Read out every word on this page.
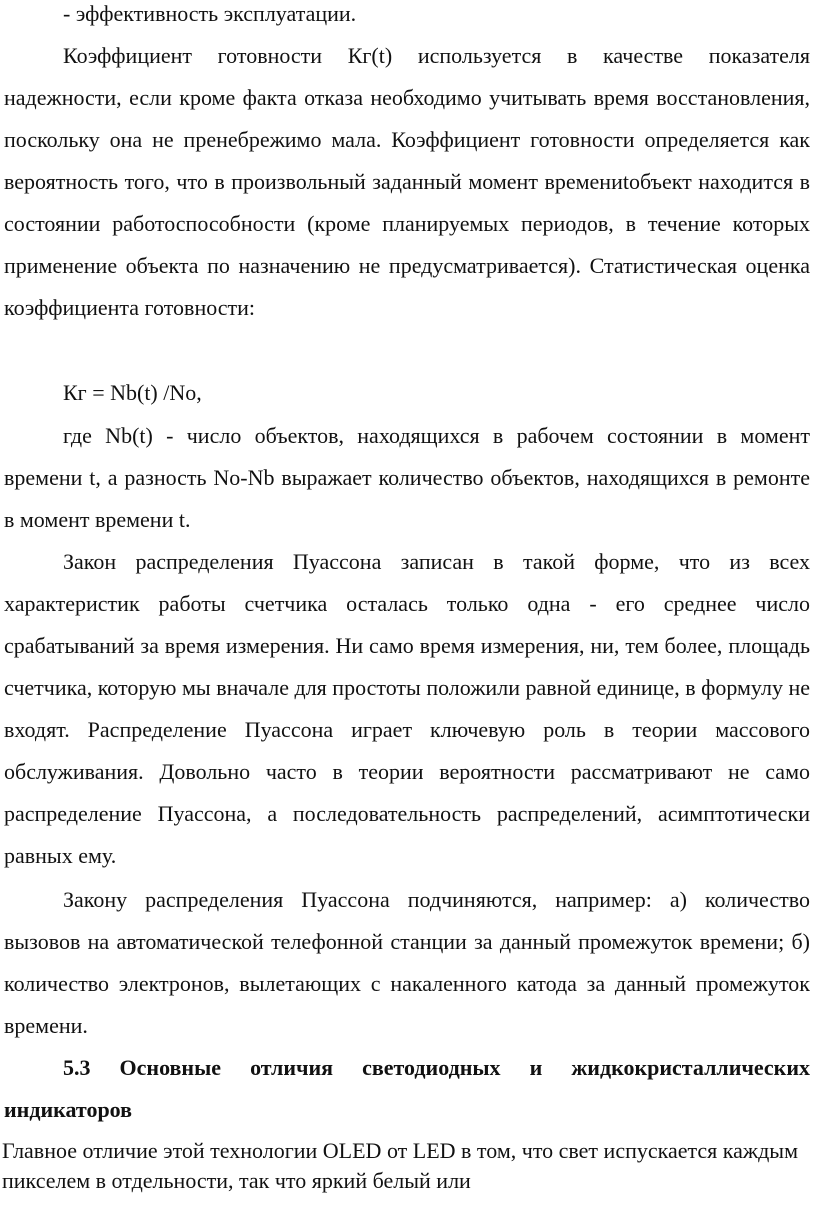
- эффективность эксплуатации.

Коэффициент готовности Кг(t) используется в качестве показателя надежности, если кроме факта отказа необходимо учитывать время восстановления, поскольку она не пренебрежимо мала. Коэффициент готовности определяется как вероятность того, что в произвольный заданный момент времениtобъект находится в состоянии работоспособности (кроме планируемых периодов, в течение которых применение объекта по назначению не предусматривается). Статистическая оценка коэффициента готовности:

Кг = Nb(t) /No,

где Nb(t) - число объектов, находящихся в рабочем состоянии в момент времени t, а разность No-Nb выражает количество объектов, находящихся в ремонте в момент времени t.

Закон распределения Пуассона записан в такой форме, что из всех характеристик работы счетчика осталась только одна - его среднее число срабатываний за время измерения. Ни само время измерения, ни, тем более, площадь счетчика, которую мы вначале для простоты положили равной единице, в формулу не входят. Распределение Пуассона играет ключевую роль в теории массового обслуживания. Довольно часто в теории вероятности рассматривают не само распределение Пуассона, а последовательность распределений, асимптотически равных ему.

Закону распределения Пуассона подчиняются, например: а) количество вызовов на автоматической телефонной станции за данный промежуток времени; б) количество электронов, вылетающих с накаленного катода за данный промежуток времени.

5.3 Основные отличия светодиодных и жидкокристаллических индикаторов

Главное отличие этой технологии OLED от LED в том, что свет испускается каждым пикселем в отдельности, так что яркий белый или
